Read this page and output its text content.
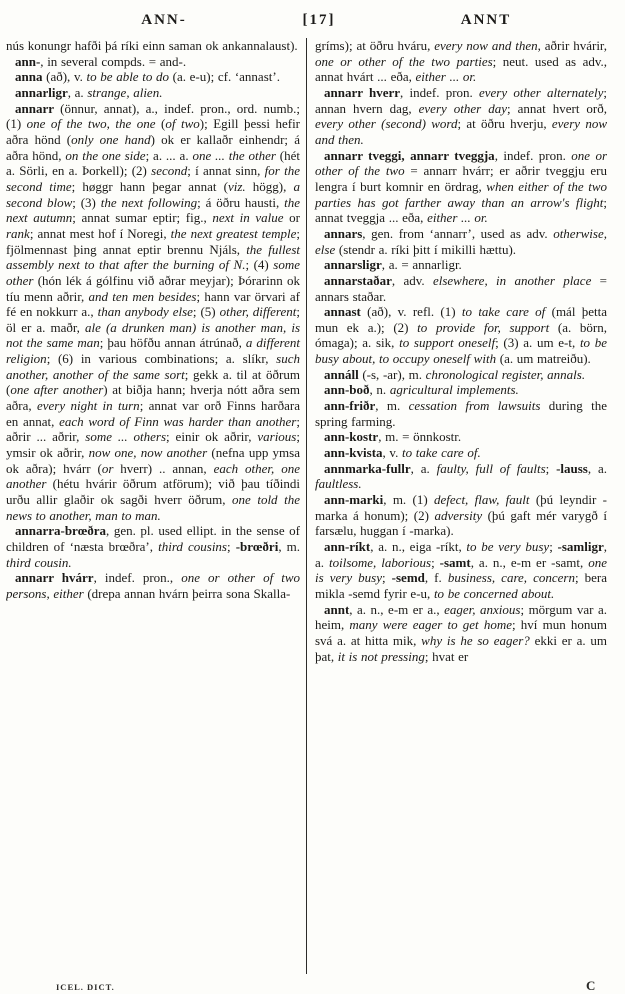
ANN-	[17]	ANNT

nús konungr hafði þá ríki einn saman ok ankannalaust).

ann-, in several compds. = and-.

anna (að), v. to be able to do (a. e-u); cf. ‘annast’.

annarligr, a. strange, alien.

annarr (önnur, annat), a., indef. pron., ord. numb.; (1) one of the two, the one (of two); Egill þessi hefir aðra hönd (only one hand) ok er kallaðr einhendr; á aðra hönd, on the one side; a. ... a. one ... the other (hét a. Sörli, en a. Þorkell); (2) second; í annat sinn, for the second time; høggr hann þegar annat (viz. högg), a second blow; (3) the next following; á öðru hausti, the next autumn; annat sumar eptir; fig., next in value or rank; annat mest hof í Noregi, the next greatest temple; fjölmennast þing annat eptir brennu Njáls, the fullest assembly next to that after the burning of N.; (4) some other (hón lék á gólfinu við aðrar meyjar); Þórarinn ok tíu menn aðrir, and ten men besides; hann var örvari af fé en nokkurr a., than anybody else; (5) other, different; öl er a. maðr, ale (a drunken man) is another man, is not the same man; þau höfðu annan átrúnað, a different religion; (6) in various combinations; a. slíkr, such another, another of the same sort; gekk a. til at öðrum (one after another) at biðja hann; hverja nótt aðra sem aðra, every night in turn; annat var orð Finns harðara en annat, each word of Finn was harder than another; aðrir ... aðrir, some ... others; einir ok aðrir, various; ymsir ok aðrir, now one, now another (nefna upp ymsa ok aðra); hvárr (or hverr) .. annan, each other, one another (hétu hvárir öðrum atförum); við þau tíðindi urðu allir glaðir ok sagði hverr öðrum, one told the news to another, man to man.

annarra-brœðra, gen. pl. used ellipt. in the sense of children of ‘næsta brœðra’, third cousins; -brœðri, m. third cousin.

annarr hvárr, indef. pron., one or other of two persons, either (drepa annan hvárn þeirra sona Skalla-

gríms); at öðru hváru, every now and then, aðrir hvárir, one or other of the two parties; neut. used as adv., annat hvárt ... eða, either ... or.

annarr hverr, indef. pron. every other alternately; annan hvern dag, every other day; annat hvert orð, every other (second) word; at öðru hverju, every now and then.

annarr tveggi, annarr tveggja, indef. pron. one or other of the two = annarr hvárr; er aðrir tveggju eru lengra í burt komnir en ördrag, when either of the two parties has got farther away than an arrow's flight; annat tveggja ... eða, either ... or.

annars, gen. from ‘annarr’, used as adv. otherwise, else (stendr a. ríki þitt í mikilli hættu).

annarsligr, a. = annarligr.

annarstaðar, adv. elsewhere, in another place = annars staðar.

annast (að), v. refl. (1) to take care of (mál þetta mun ek a.); (2) to provide for, support (a. börn, ómaga); a. sik, to support oneself; (3) a. um e-t, to be busy about, to occupy oneself with (a. um matreiðu).

annáll (-s, -ar), m. chronological register, annals.

ann-boð, n. agricultural implements.

ann-friðr, m. cessation from lawsuits during the spring farming.

ann-kostr, m. = önnkostr.

ann-kvista, v. to take care of.

annmarka-fullr, a. faulty, full of faults; -lauss, a. faultless.

ann-marki, m. (1) defect, flaw, fault (þú leyndir -marka á honum); (2) adversity (þú gaft mér varygð í farsælu, huggan í -marka).

ann-ríkt, a. n., eiga -ríkt, to be very busy; -samligr, a. toilsome, laborious; -samt, a. n., e-m er -samt, one is very busy; -semd, f. business, care, concern; bera mikla -semd fyrir e-u, to be concerned about.

annt, a. n., e-m er a., eager, anxious; mörgum var a. heim, many were eager to get home; hví mun honum svá a. at hitta mik, why is he so eager? ekki er a. um þat, it is not pressing; hvat er

ICEL. DICT.	C
